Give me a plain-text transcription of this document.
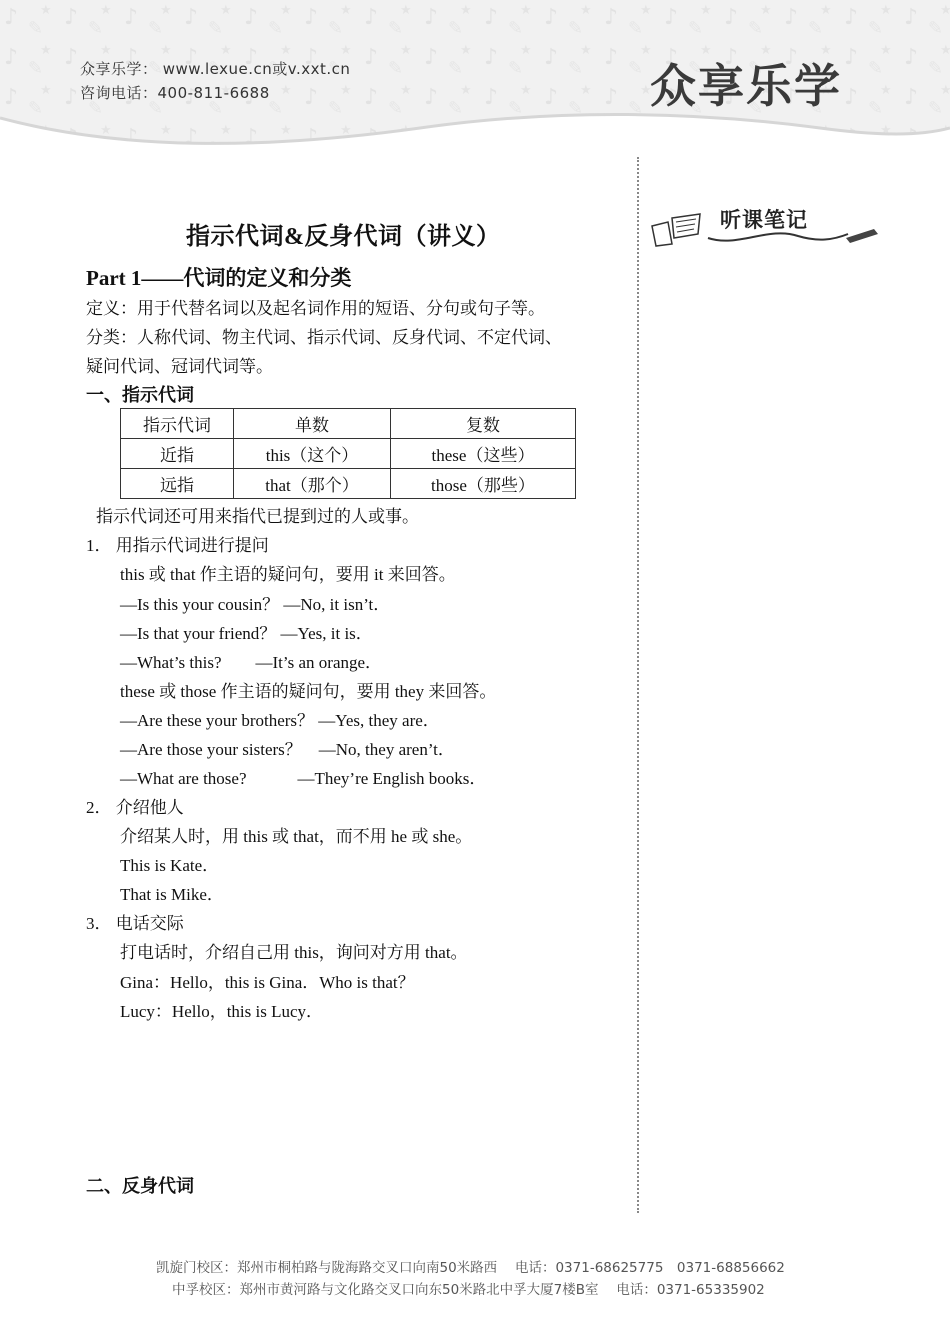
众享乐学： www.lexue.cn或v.xxt.cn
咨询电话：400-811-6688	众享乐学
听课笔记
指示代词&反身代词（讲义）
Part 1——代词的定义和分类
定义：用于代替名词以及起名词作用的短语、分句或句子等。
分类：人称代词、物主代词、指示代词、反身代词、不定代词、
疑问代词、冠词代词等。
一、指示代词
指示代词	单数	复数
近指	this（这个）	these（这些）
远指	that（那个）	those（那些）
指示代词还可用来指代已提到过的人或事。
1． 用指示代词进行提问
this 或 that 作主语的疑问句，要用 it 来回答。
—Is this your cousin？ —No, it isn’t．
—Is that your friend？ —Yes, it is．
—What’s this?　　—It’s an orange．
these 或 those 作主语的疑问句，要用 they 来回答。
—Are these your brothers？ —Yes, they are．
—Are those your sisters？　—No, they aren’t．
—What are those?　　　—They’re English books．
2． 介绍他人
介绍某人时，用 this 或 that，而不用 he 或 she。
This is Kate．
That is Mike．
3． 电话交际
打电话时，介绍自己用 this，询问对方用 that。
Gina：Hello，this is Gina．Who is that？
Lucy：Hello，this is Lucy．
二、反身代词
凯旋门校区：郑州市桐柏路与陇海路交叉口向南50米路西　 电话：0371-68625775　0371-68856662
中孚校区：郑州市黄河路与文化路交叉口向东50米路北中孚大厦7楼B室　 电话：0371-65335902
